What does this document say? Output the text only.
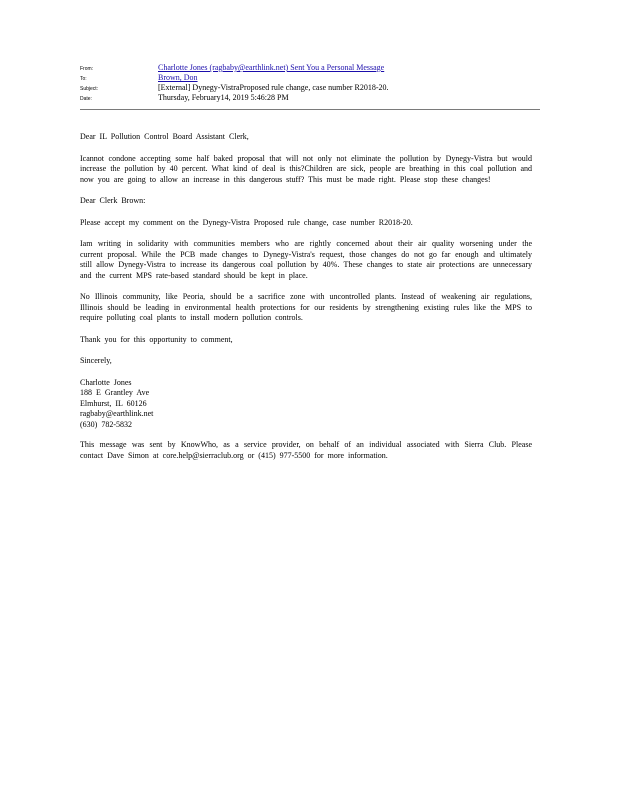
From:	Charlotte Jones (ragbaby@earthlink.net) Sent You a Personal Message
To:	Brown, Don
Subject:	[External] Dynegy-VistraProposed rule change, case number R2018-20.
Date:	Thursday, February14, 2019 5:46:28 PM

Dear IL Pollution Control Board Assistant Clerk,

Icannot condone accepting some half baked proposal that will not only not eliminate the pollution by Dynegy-Vistra but would increase the pollution by 40 percent. What kind of deal is this?Children are sick, people are breathing in this coal pollution and now you are going to allow an increase in this dangerous stuff? This must be made right. Please stop these changes!

Dear Clerk Brown:

Please accept my comment on the Dynegy-Vistra Proposed rule change, case number R2018-20.

Iam writing in solidarity with communities members who are rightly concerned about their air quality worsening under the current proposal. While the PCB made changes to Dynegy-Vistra's request, those changes do not go far enough and ultimately still allow Dynegy-Vistra to increase its dangerous coal pollution by 40%. These changes to state air protections are unnecessary and the current MPS rate-based standard should be kept in place.

No Illinois community, like Peoria, should be a sacrifice zone with uncontrolled plants. Instead of weakening air regulations, Illinois should be leading in environmental health protections for our residents by strengthening existing rules like the MPS to require polluting coal plants to install modern pollution controls.

Thank you for this opportunity to comment,

Sincerely,

Charlotte Jones

188 E Grantley Ave

Elmhurst, IL 60126

ragbaby@earthlink.net

(630) 782-5832

This message was sent by KnowWho, as a service provider, on behalf of an individual associated with Sierra Club. Please contact Dave Simon at core.help@sierraclub.org or (415) 977-5500 for more information.
